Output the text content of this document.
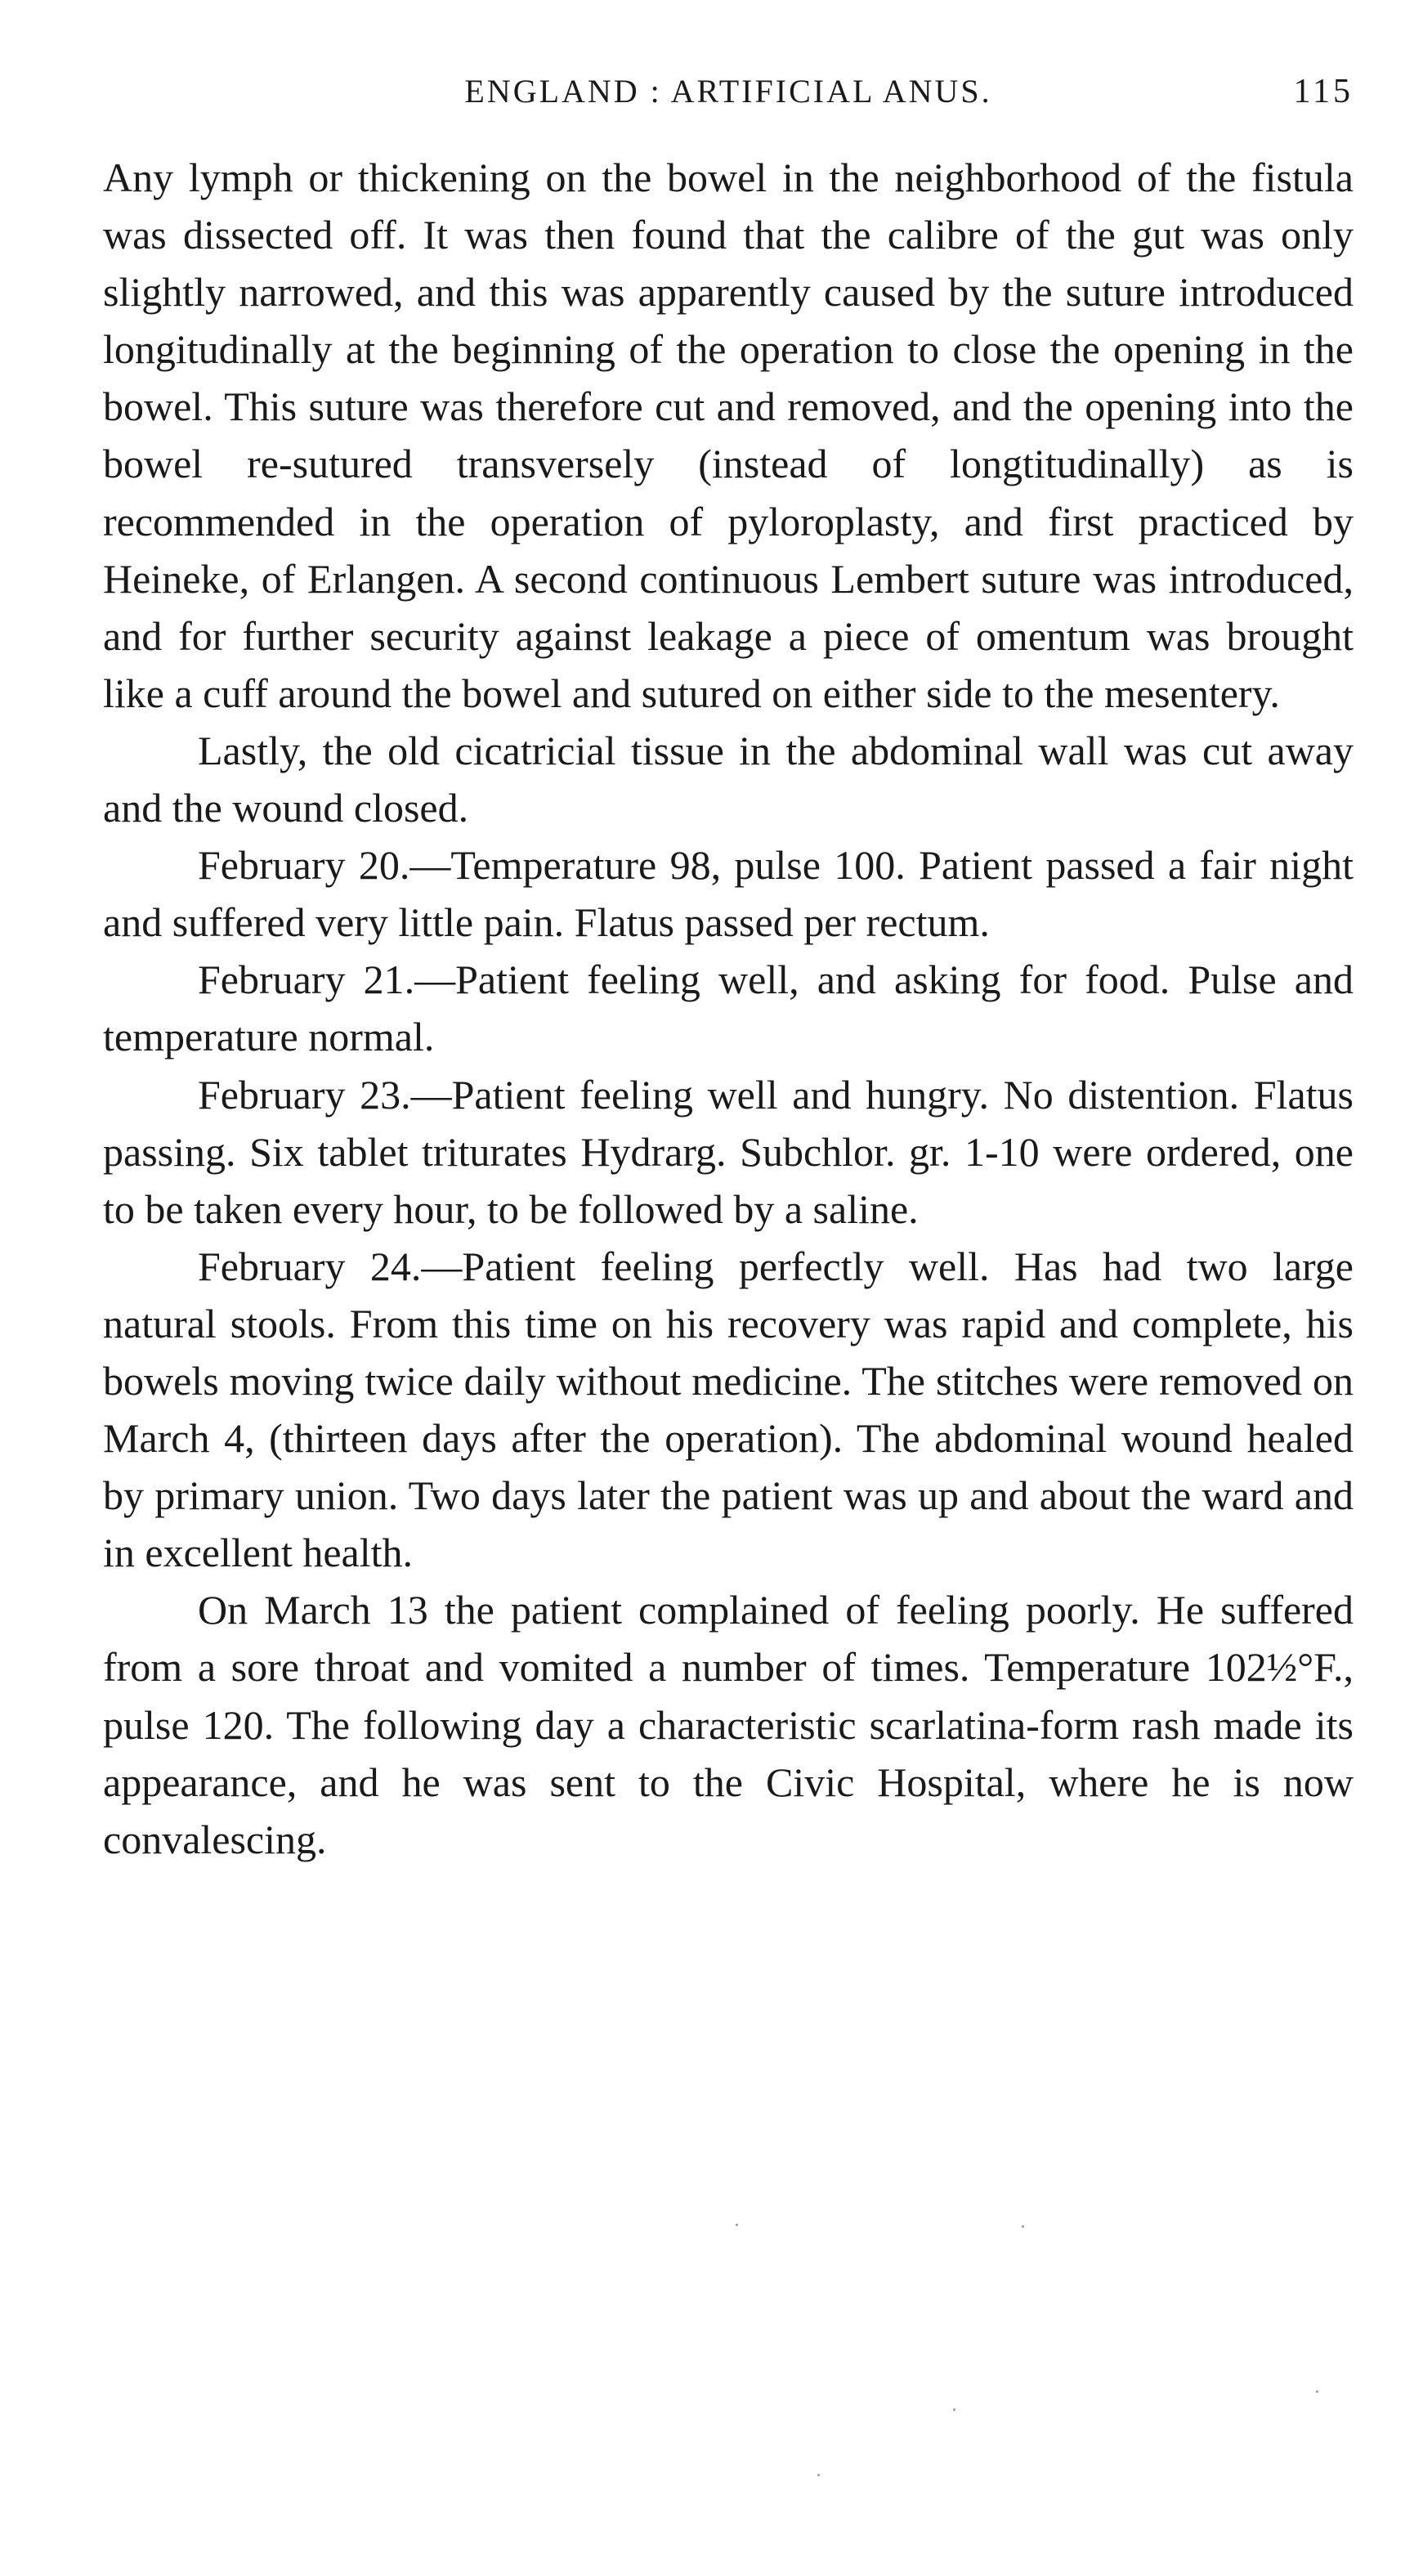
ENGLAND : ARTIFICIAL ANUS.	115

Any lymph or thickening on the bowel in the neighborhood of the fistula was dissected off. It was then found that the calibre of the gut was only slightly narrowed, and this was apparently caused by the suture introduced longitudinally at the beginning of the operation to close the opening in the bowel. This suture was therefore cut and removed, and the opening into the bowel re-sutured transversely (instead of longtitudinally) as is recommended in the operation of pyloroplasty, and first practiced by Heineke, of Erlangen. A second continuous Lembert suture was introduced, and for further security against leakage a piece of omentum was brought like a cuff around the bowel and sutured on either side to the mesentery.

Lastly, the old cicatricial tissue in the abdominal wall was cut away and the wound closed.

February 20.—Temperature 98, pulse 100. Patient passed a fair night and suffered very little pain. Flatus passed per rectum.

February 21.—Patient feeling well, and asking for food. Pulse and temperature normal.

February 23.—Patient feeling well and hungry. No distention. Flatus passing. Six tablet triturates Hydrarg. Subchlor. gr. 1-10 were ordered, one to be taken every hour, to be followed by a saline.

February 24.—Patient feeling perfectly well. Has had two large natural stools. From this time on his recovery was rapid and complete, his bowels moving twice daily without medicine. The stitches were removed on March 4, (thirteen days after the operation). The abdominal wound healed by primary union. Two days later the patient was up and about the ward and in excellent health.

On March 13 the patient complained of feeling poorly. He suffered from a sore throat and vomited a number of times. Temperature 102½°F., pulse 120. The following day a characteristic scarlatina-form rash made its appearance, and he was sent to the Civic Hospital, where he is now convalescing.
